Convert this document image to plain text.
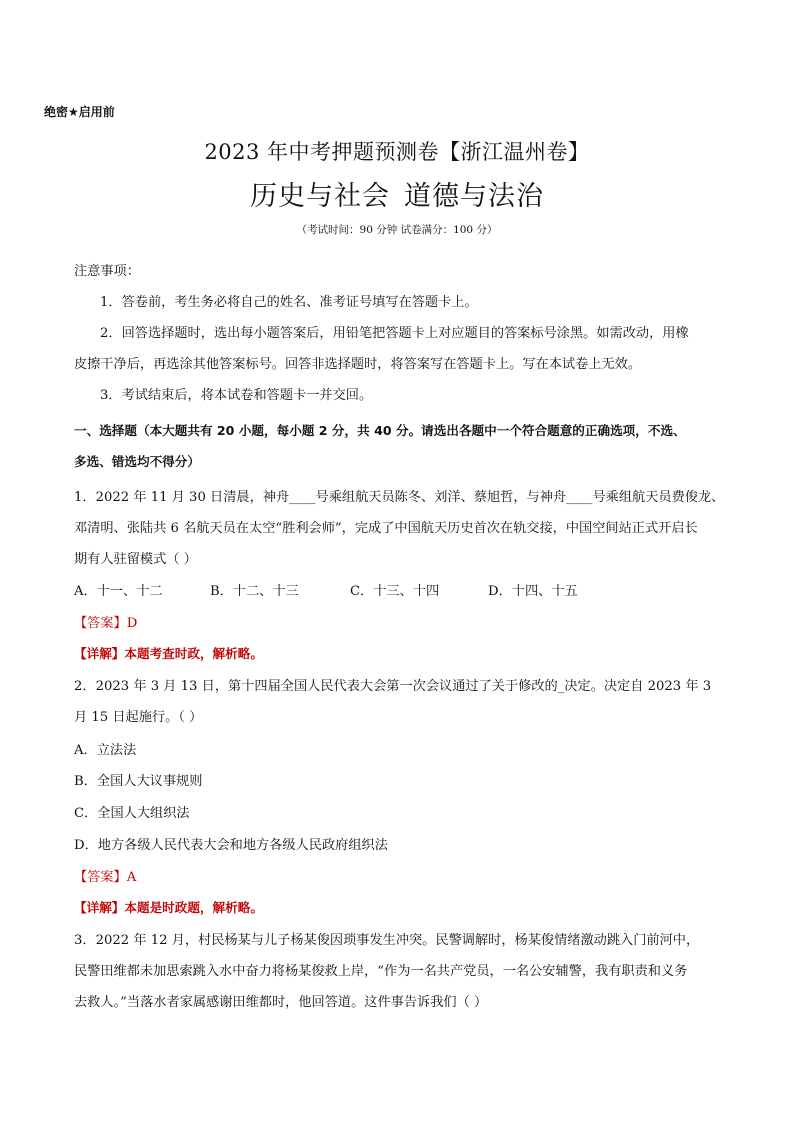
绝密★启用前
2023 年中考押题预测卷【浙江温州卷】
历史与社会 道德与法治
（考试时间：90 分钟 试卷满分：100 分）
注意事项：
1．答卷前，考生务必将自己的姓名、准考证号填写在答题卡上。
2．回答选择题时，选出每小题答案后，用铅笔把答题卡上对应题目的答案标号涂黑。如需改动，用橡
皮擦干净后，再选涂其他答案标号。回答非选择题时，将答案写在答题卡上。写在本试卷上无效。
3．考试结束后，将本试卷和答题卡一并交回。
一、选择题（本大题共有 20 小题，每小题 2 分，共 40 分。请选出各题中一个符合题意的正确选项，不选、
多选、错选均不得分）
1．2022 年 11 月 30 日清晨，神舟____号乘组航天员陈冬、刘洋、蔡旭哲，与神舟____号乘组航天员费俊龙、
邓清明、张陆共 6 名航天员在太空“胜利会师”，完成了中国航天历史首次在轨交接，中国空间站正式开启长
期有人驻留模式（ ）
A．十一、十二	B．十二、十三	C．十三、十四	D．十四、十五
【答案】D
【详解】本题考查时政，解析略。
2．2023 年 3 月 13 日，第十四届全国人民代表大会第一次会议通过了关于修改的_决定。决定自 2023 年 3
月 15 日起施行。（ ）
A．立法法
B．全国人大议事规则
C．全国人大组织法
D．地方各级人民代表大会和地方各级人民政府组织法
【答案】A
【详解】本题是时政题，解析略。
3．2022 年 12 月，村民杨某与儿子杨某俊因琐事发生冲突。民警调解时，杨某俊情绪激动跳入门前河中，
民警田维都未加思索跳入水中奋力将杨某俊救上岸，“作为一名共产党员，一名公安辅警，我有职责和义务
去救人。”当落水者家属感谢田维都时，他回答道。这件事告诉我们（ ）
